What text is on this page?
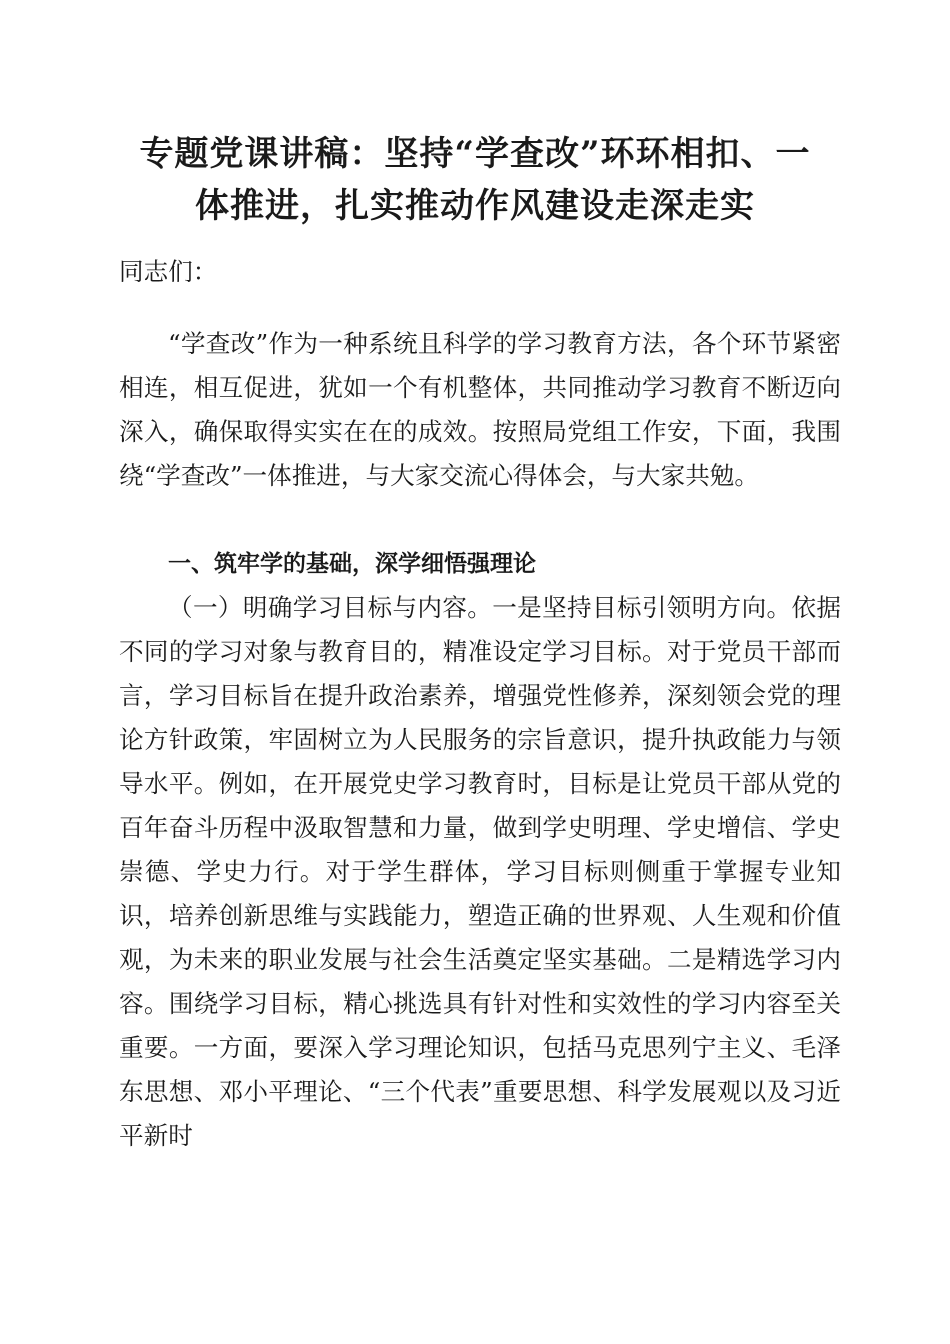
专题党课讲稿：坚持“学查改”环环相扣、一
体推进，扎实推动作风建设走深走实

同志们：

“学查改”作为一种系统且科学的学习教育方法，各个环节紧密相连，相互促进，犹如一个有机整体，共同推动学习教育不断迈向深入，确保取得实实在在的成效。按照局党组工作安，下面，我围绕“学查改”一体推进，与大家交流心得体会，与大家共勉。

一、筑牢学的基础，深学细悟强理论

（一）明确学习目标与内容。一是坚持目标引领明方向。依据不同的学习对象与教育目的，精准设定学习目标。对于党员干部而言，学习目标旨在提升政治素养，增强党性修养，深刻领会党的理论方针政策，牢固树立为人民服务的宗旨意识，提升执政能力与领导水平。例如，在开展党史学习教育时，目标是让党员干部从党的百年奋斗历程中汲取智慧和力量，做到学史明理、学史增信、学史崇德、学史力行。对于学生群体，学习目标则侧重于掌握专业知识，培养创新思维与实践能力，塑造正确的世界观、人生观和价值观，为未来的职业发展与社会生活奠定坚实基础。二是精选学习内容。围绕学习目标，精心挑选具有针对性和实效性的学习内容至关重要。一方面，要深入学习理论知识，包括马克思列宁主义、毛泽东思想、邓小平理论、“三个代表”重要思想、科学发展观以及习近平新时
